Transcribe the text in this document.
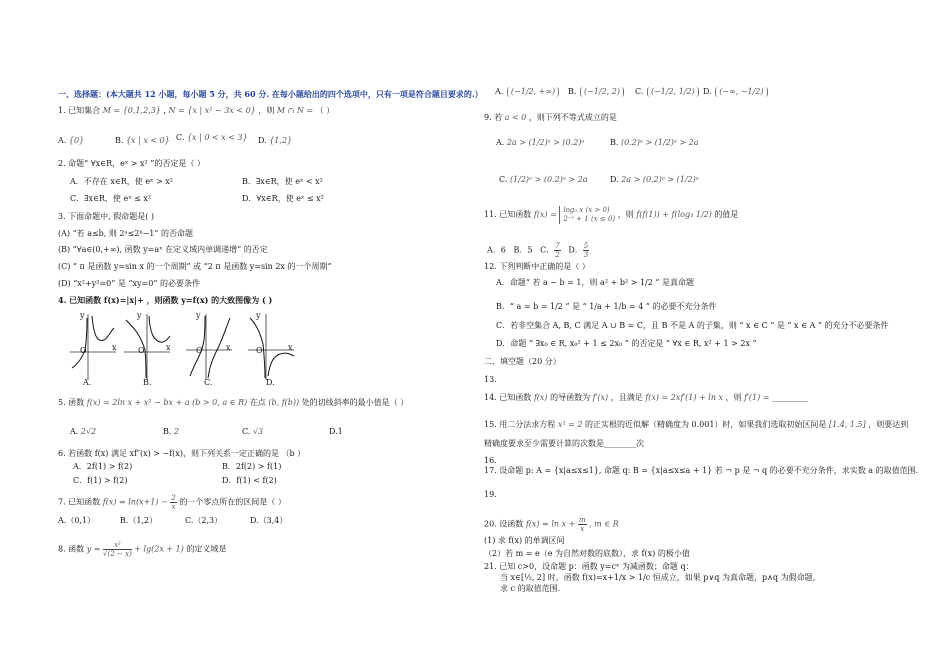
一、选择题：(本大题共 12 小题，每小题 5 分，共 60 分. 在每小题给出的四个选项中，只有一项是符合题目要求的.）
1. 已知集合 M = {0,1,2,3} , N = {x | x² − 3x < 0} ，则 M ∩ N = （ ）
A. {0}	B. {x | x < 0} C. {x | 0 < x < 3} D. {1,2}
2. 命题“ ∀x∈R，eˣ > x² ”的否定是（ ）
A．不存在 x∈R，使 eˣ > x²	B．∃x∈R，使 eˣ < x²
C．∃x∈R，使 eˣ ≤ x²	D．∀x∈R，使 eˣ ≤ x²
3. 下面命题中, 假命题是( )
(A) “若 a≤b, 则 2ᵃ≤2ᵇ−1” 的否命题
(B) “∀a∈(0,+∞), 函数 y=aˣ 在定义域内单调递增” 的否定
(C) “ π 是函数 y=sin x 的一个周期” 或 “2 π 是函数 y=sin 2x 的一个周期”
(D) “x²+y²=0” 是 “xy=0” 的必要条件
4. 已知函数 f(x)=|x|+ ，则函数 y=f(x) 的大致图像为 ( )
y
O	x
A.
y
O	x
B.
y
O	x
C.
y
O	x
D.
5. 函数 f(x) = 2ln x + x² − bx + a (b > 0, a ∈ R) 在点 (b, f(b)) 处的切线斜率的最小值是（ ）
A. 2√2	B. 2	C. √3	D.1
6. 若函数 f(x) 满足 xf″(x) > −f(x)，则下列关系一定正确的是 （b ）
A．2f(1) > f(2)	B．2f(2) > f(1)
C．f(1) > f(2)	D．f(1) < f(2)
7. 已知函数 $f(x) = \ln(x+1) - \frac{2}{x}$ 的一个零点所在的区间是（ ）
A.（0,1）	B.（1,2）	C.（2,3）	D.（3,4）
8. 函数 $y = \frac{\text{x²}}{√(2 - x)} + \lg(2x + 1)$ 的定义域是
A. (−1/2, +∞)	B. (−1/2, 2)	C. (−1/2, 1/2)	D. (−∞, −1/2)
9. 若 a < 0 ，则下列不等式成立的是
A. 2a > (1/2)ᵃ > (0.2)ᵃ	B. (0.2)ᵃ > (1/2)ᵃ > 2a
C. (1/2)ᵃ > (0.2)ᵃ > 2a	D. 2a > (0.2)ᵃ > (1/2)ᵃ
11. 已知函数 f(x) = log₃ x (x > 0)
2⁻ˣ + 1 (x ≤ 0) ，则 f(f(1)) + f(log₃ 1/2) 的值是
A．6 B．5 C． $\frac{7}{2}$ D． $\frac{5}{3}$
12. 下列判断中正确的是（ ）
A．命题“ 若 a − b = 1，则 a² + b² > 1/2 ” 是真命题
B．“ a = b = 1/2 ” 是 “ 1/a + 1/b = 4 ” 的必要不充分条件
C．若非空集合 A, B, C 满足 A ∪ B = C，且 B 不是 A 的子集，则 “ x ∈ C ” 是 “ x ∈ A ” 的充分不必要条件
D．命题 “ ∃x₀ ∈ R, x₀² + 1 ≤ 2x₀ ” 的否定是 “ ∀x ∈ R, x² + 1 > 2x ”
二、填空题（20 分）
13.
14. 已知函数 f(x) 的导函数为 f′(x) ，且满足 f(x) = 2xf′(1) + ln x ，则 f′(1) = _________
15. 用二分法求方程 x² = 2 的正实根的近似解（精确度为 0.001）时，如果我们选取初始区间是 [1.4, 1.5] ，则要达到
精确度要求至少需要计算的次数是________次
16.
17. 设命题 p: A = {x|a≤x≤1}, 命题 q: B = {x|a≤x≤a + 1} 若 ¬ p 是 ¬ q 的必要不充分条件，求实数 a 的取值范围.
19.
20. 设函数 $f(x) = \ln x + \frac{m}{x}$ , m ∈ R
(1) 求 f(x) 的单调区间
（2）若 m = e（e 为自然对数的底数），求 f(x) 的极小值
21. 已知 c>0，设命题 p：函数 y=cˣ 为减函数；命题 q：
当 x∈[½, 2] 时，函数 f(x)=x+1/x > 1/c 恒成立，如果 p∨q 为真命题，p∧q 为假命题，
求 c 的取值范围.
